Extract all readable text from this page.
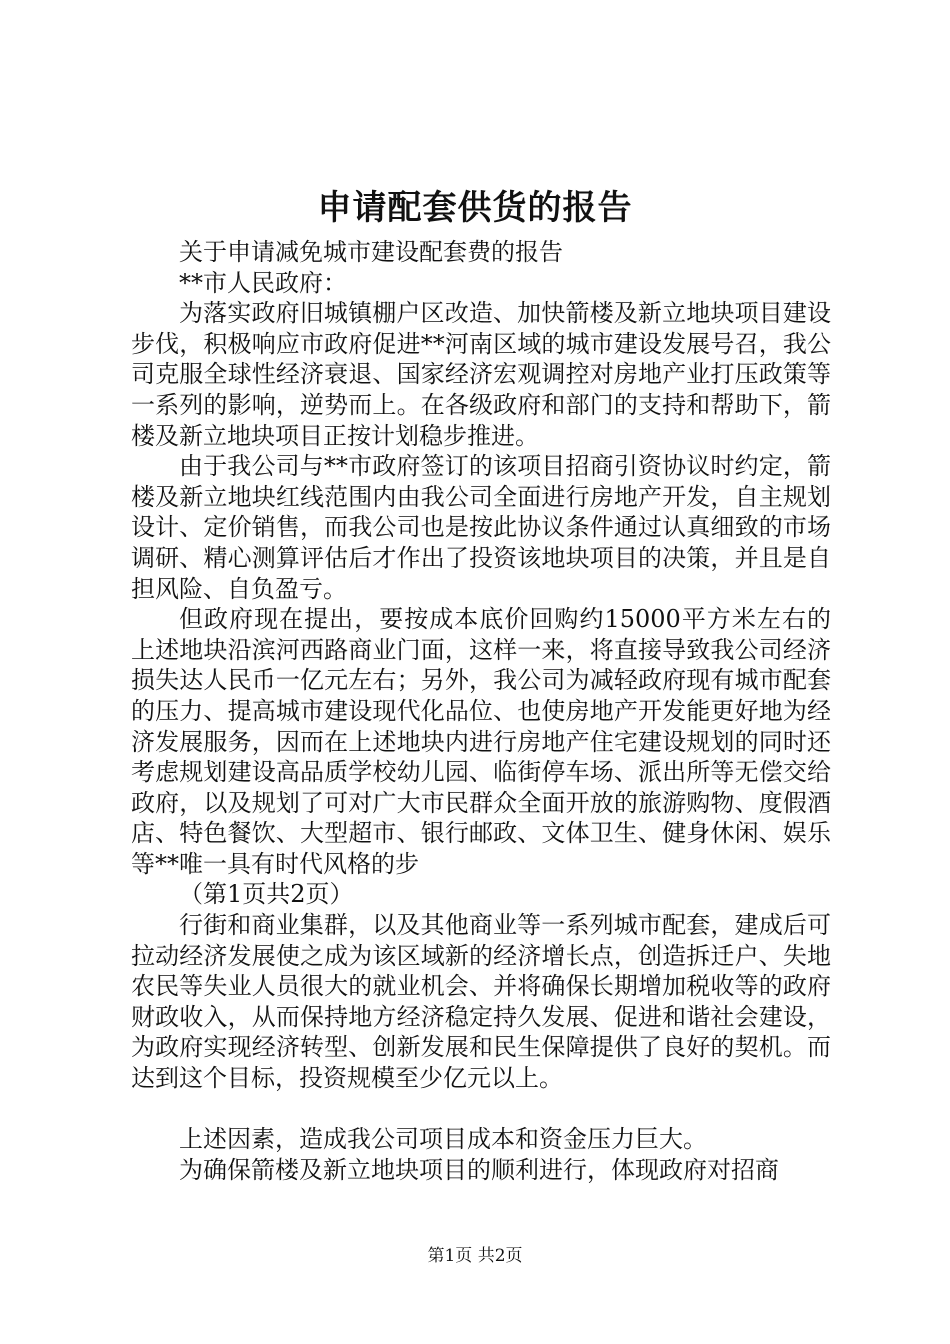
申请配套供货的报告

关于申请减免城市建设配套费的报告

**市人民政府：

为落实政府旧城镇棚户区改造、加快箭楼及新立地块项目建设步伐，积极响应市政府促进**河南区域的城市建设发展号召，我公司克服全球性经济衰退、国家经济宏观调控对房地产业打压政策等一系列的影响，逆势而上。在各级政府和部门的支持和帮助下，箭楼及新立地块项目正按计划稳步推进。

由于我公司与**市政府签订的该项目招商引资协议时约定，箭楼及新立地块红线范围内由我公司全面进行房地产开发，自主规划设计、定价销售，而我公司也是按此协议条件通过认真细致的市场调研、精心测算评估后才作出了投资该地块项目的决策，并且是自担风险、自负盈亏。

但政府现在提出，要按成本底价回购约15000平方米左右的上述地块沿滨河西路商业门面，这样一来，将直接导致我公司经济损失达人民币一亿元左右；另外，我公司为减轻政府现有城市配套的压力、提高城市建设现代化品位、也使房地产开发能更好地为经济发展服务，因而在上述地块内进行房地产住宅建设规划的同时还考虑规划建设高品质学校幼儿园、临街停车场、派出所等无偿交给政府，以及规划了可对广大市民群众全面开放的旅游购物、度假酒店、特色餐饮、大型超市、银行邮政、文体卫生、健身休闲、娱乐等**唯一具有时代风格的步

（第1页共2页）

行街和商业集群，以及其他商业等一系列城市配套，建成后可拉动经济发展使之成为该区域新的经济增长点，创造拆迁户、失地农民等失业人员很大的就业机会、并将确保长期增加税收等的政府财政收入，从而保持地方经济稳定持久发展、促进和谐社会建设，为政府实现经济转型、创新发展和民生保障提供了良好的契机。而达到这个目标，投资规模至少亿元以上。

上述因素，造成我公司项目成本和资金压力巨大。

为确保箭楼及新立地块项目的顺利进行，体现政府对招商

第1页 共2页
